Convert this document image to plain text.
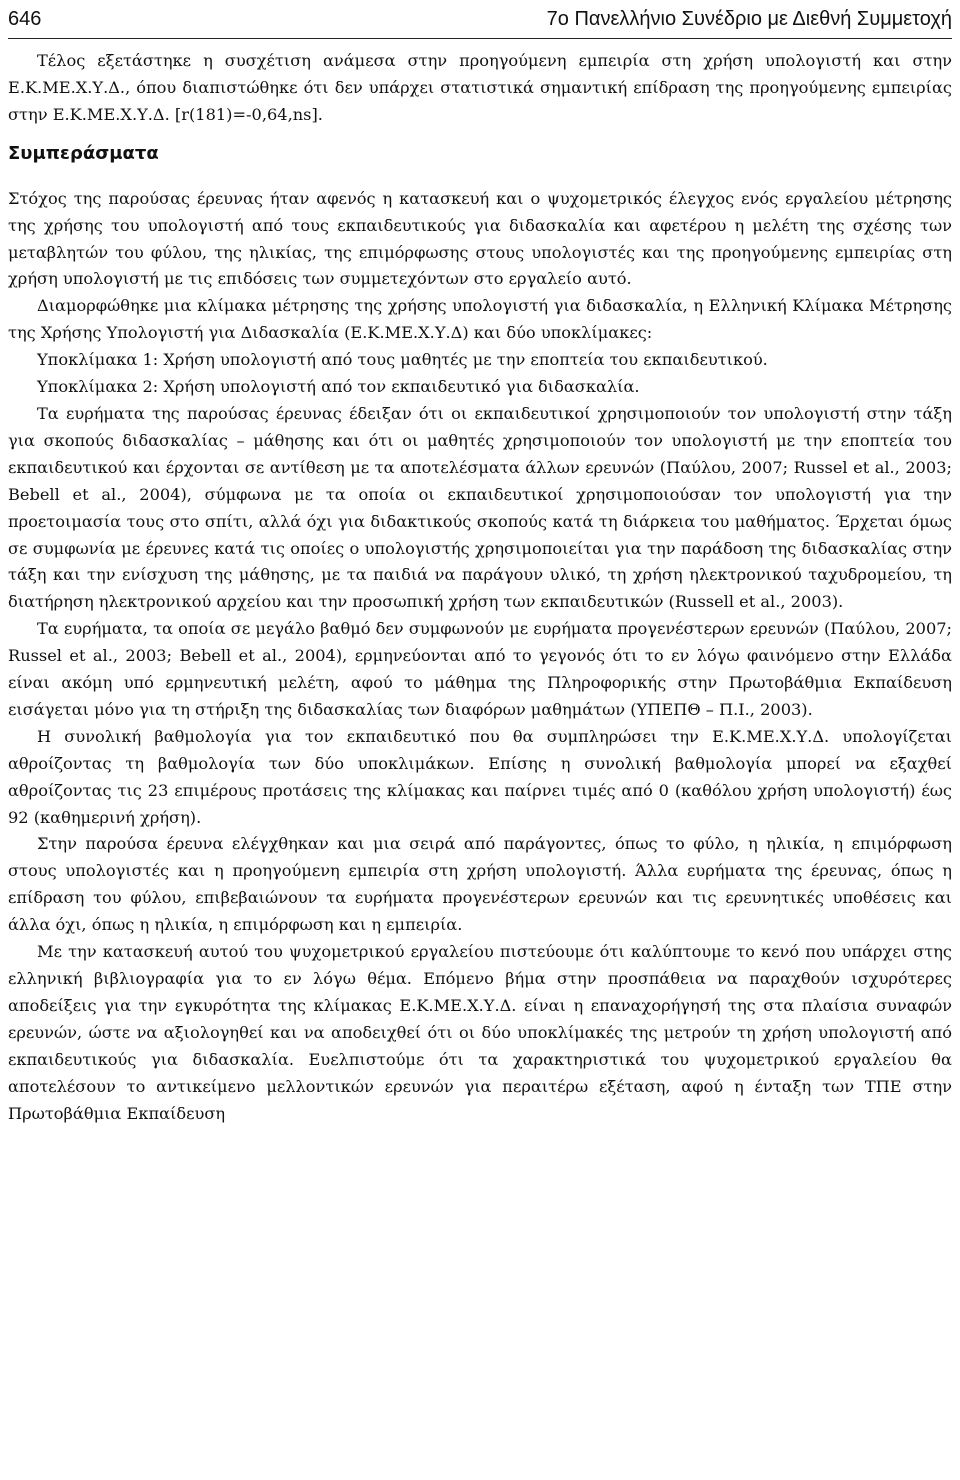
646	7ο Πανελλήνιο Συνέδριο με Διεθνή Συμμετοχή

Τέλος εξετάστηκε η συσχέτιση ανάμεσα στην προηγούμενη εμπειρία στη χρήση υπολογιστή και στην Ε.Κ.ΜΕ.Χ.Υ.Δ., όπου διαπιστώθηκε ότι δεν υπάρχει στατιστικά σημαντική επίδραση της προηγούμενης εμπειρίας στην Ε.Κ.ΜΕ.Χ.Υ.Δ. [r(181)=-0,64,ns].

Συμπεράσματα

Στόχος της παρούσας έρευνας ήταν αφενός η κατασκευή και ο ψυχομετρικός έλεγχος ενός εργαλείου μέτρησης της χρήσης του υπολογιστή από τους εκπαιδευτικούς για διδασκαλία και αφετέρου η μελέτη της σχέσης των μεταβλητών του φύλου, της ηλικίας, της επιμόρφωσης στους υπολογιστές και της προηγούμενης εμπειρίας στη χρήση υπολογιστή με τις επιδόσεις των συμμετεχόντων στο εργαλείο αυτό.

Διαμορφώθηκε μια κλίμακα μέτρησης της χρήσης υπολογιστή για διδασκαλία, η Ελληνική Κλίμακα Μέτρησης της Χρήσης Υπολογιστή για Διδασκαλία (Ε.Κ.ΜΕ.Χ.Υ.Δ) και δύο υποκλίμακες:

Υποκλίμακα 1: Χρήση υπολογιστή από τους μαθητές με την εποπτεία του εκπαιδευτικού.

Υποκλίμακα 2: Χρήση υπολογιστή από τον εκπαιδευτικό για διδασκαλία.

Τα ευρήματα της παρούσας έρευνας έδειξαν ότι οι εκπαιδευτικοί χρησιμοποιούν τον υπολογιστή στην τάξη για σκοπούς διδασκαλίας – μάθησης και ότι οι μαθητές χρησιμοποιούν τον υπολογιστή με την εποπτεία του εκπαιδευτικού και έρχονται σε αντίθεση με τα αποτελέσματα άλλων ερευνών (Παύλου, 2007; Russel et al., 2003; Bebell et al., 2004), σύμφωνα με τα οποία οι εκπαιδευτικοί χρησιμοποιούσαν τον υπολογιστή για την προετοιμασία τους στο σπίτι, αλλά όχι για διδακτικούς σκοπούς κατά τη διάρκεια του μαθήματος. Έρχεται όμως σε συμφωνία με έρευνες κατά τις οποίες ο υπολογιστής χρησιμοποιείται για την παράδοση της διδασκαλίας στην τάξη και την ενίσχυση της μάθησης, με τα παιδιά να παράγουν υλικό, τη χρήση ηλεκτρονικού ταχυδρομείου, τη διατήρηση ηλεκτρονικού αρχείου και την προσωπική χρήση των εκπαιδευτικών (Russell et al., 2003).

Τα ευρήματα, τα οποία σε μεγάλο βαθμό δεν συμφωνούν με ευρήματα προγενέστερων ερευνών (Παύλου, 2007; Russel et al., 2003; Bebell et al., 2004), ερμηνεύονται από το γεγονός ότι το εν λόγω φαινόμενο στην Ελλάδα είναι ακόμη υπό ερμηνευτική μελέτη, αφού το μάθημα της Πληροφορικής στην Πρωτοβάθμια Εκπαίδευση εισάγεται μόνο για τη στήριξη της διδασκαλίας των διαφόρων μαθημάτων (ΥΠΕΠΘ – Π.Ι., 2003).

Η συνολική βαθμολογία για τον εκπαιδευτικό που θα συμπληρώσει την Ε.Κ.ΜΕ.Χ.Υ.Δ. υπολογίζεται αθροίζοντας τη βαθμολογία των δύο υποκλιμάκων. Επίσης η συνολική βαθμολογία μπορεί να εξαχθεί αθροίζοντας τις 23 επιμέρους προτάσεις της κλίμακας και παίρνει τιμές από 0 (καθόλου χρήση υπολογιστή) έως 92 (καθημερινή χρήση).

Στην παρούσα έρευνα ελέγχθηκαν και μια σειρά από παράγοντες, όπως το φύλο, η ηλικία, η επιμόρφωση στους υπολογιστές και η προηγούμενη εμπειρία στη χρήση υπολογιστή. Άλλα ευρήματα της έρευνας, όπως η επίδραση του φύλου, επιβεβαιώνουν τα ευρήματα προγενέστερων ερευνών και τις ερευνητικές υποθέσεις και άλλα όχι, όπως η ηλικία, η επιμόρφωση και η εμπειρία.

Με την κατασκευή αυτού του ψυχομετρικού εργαλείου πιστεύουμε ότι καλύπτουμε το κενό που υπάρχει στης ελληνική βιβλιογραφία για το εν λόγω θέμα. Επόμενο βήμα στην προσπάθεια να παραχθούν ισχυρότερες αποδείξεις για την εγκυρότητα της κλίμακας Ε.Κ.ΜΕ.Χ.Υ.Δ. είναι η επαναχορήγησή της στα πλαίσια συναφών ερευνών, ώστε να αξιολογηθεί και να αποδειχθεί ότι οι δύο υποκλίμακές της μετρούν τη χρήση υπολογιστή από εκπαιδευτικούς για διδασκαλία. Ευελπιστούμε ότι τα χαρακτηριστικά του ψυχομετρικού εργαλείου θα αποτελέσουν το αντικείμενο μελλοντικών ερευνών για περαιτέρω εξέταση, αφού η ένταξη των ΤΠΕ στην Πρωτοβάθμια Εκπαίδευση
